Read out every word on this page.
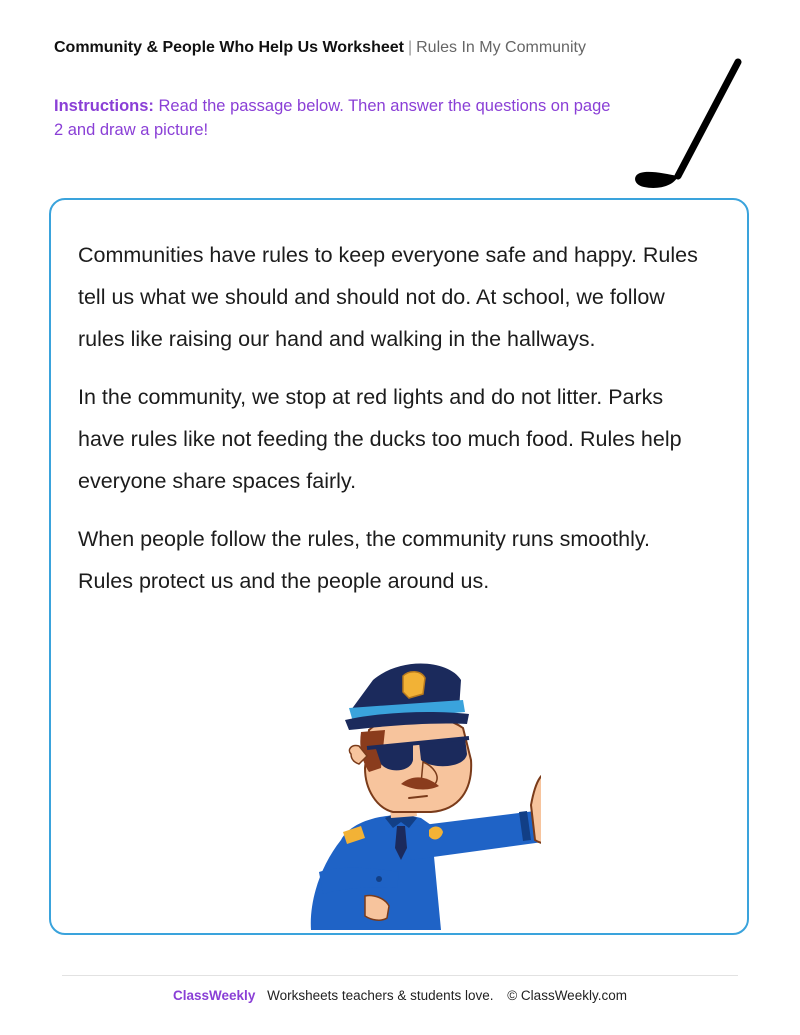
Community & People Who Help Us Worksheet | Rules In My Community
Instructions: Read the passage below. Then answer the questions on page 2 and draw a picture!

Communities have rules to keep everyone safe and happy. Rules tell us what we should and should not do. At school, we follow rules like raising our hand and walking in the hallways.

In the community, we stop at red lights and do not litter. Parks have rules like not feeding the ducks too much food. Rules help everyone share spaces fairly.

When people follow the rules, the community runs smoothly. Rules protect us and the people around us.

ClassWeekly Worksheets teachers & students love. © ClassWeekly.com
